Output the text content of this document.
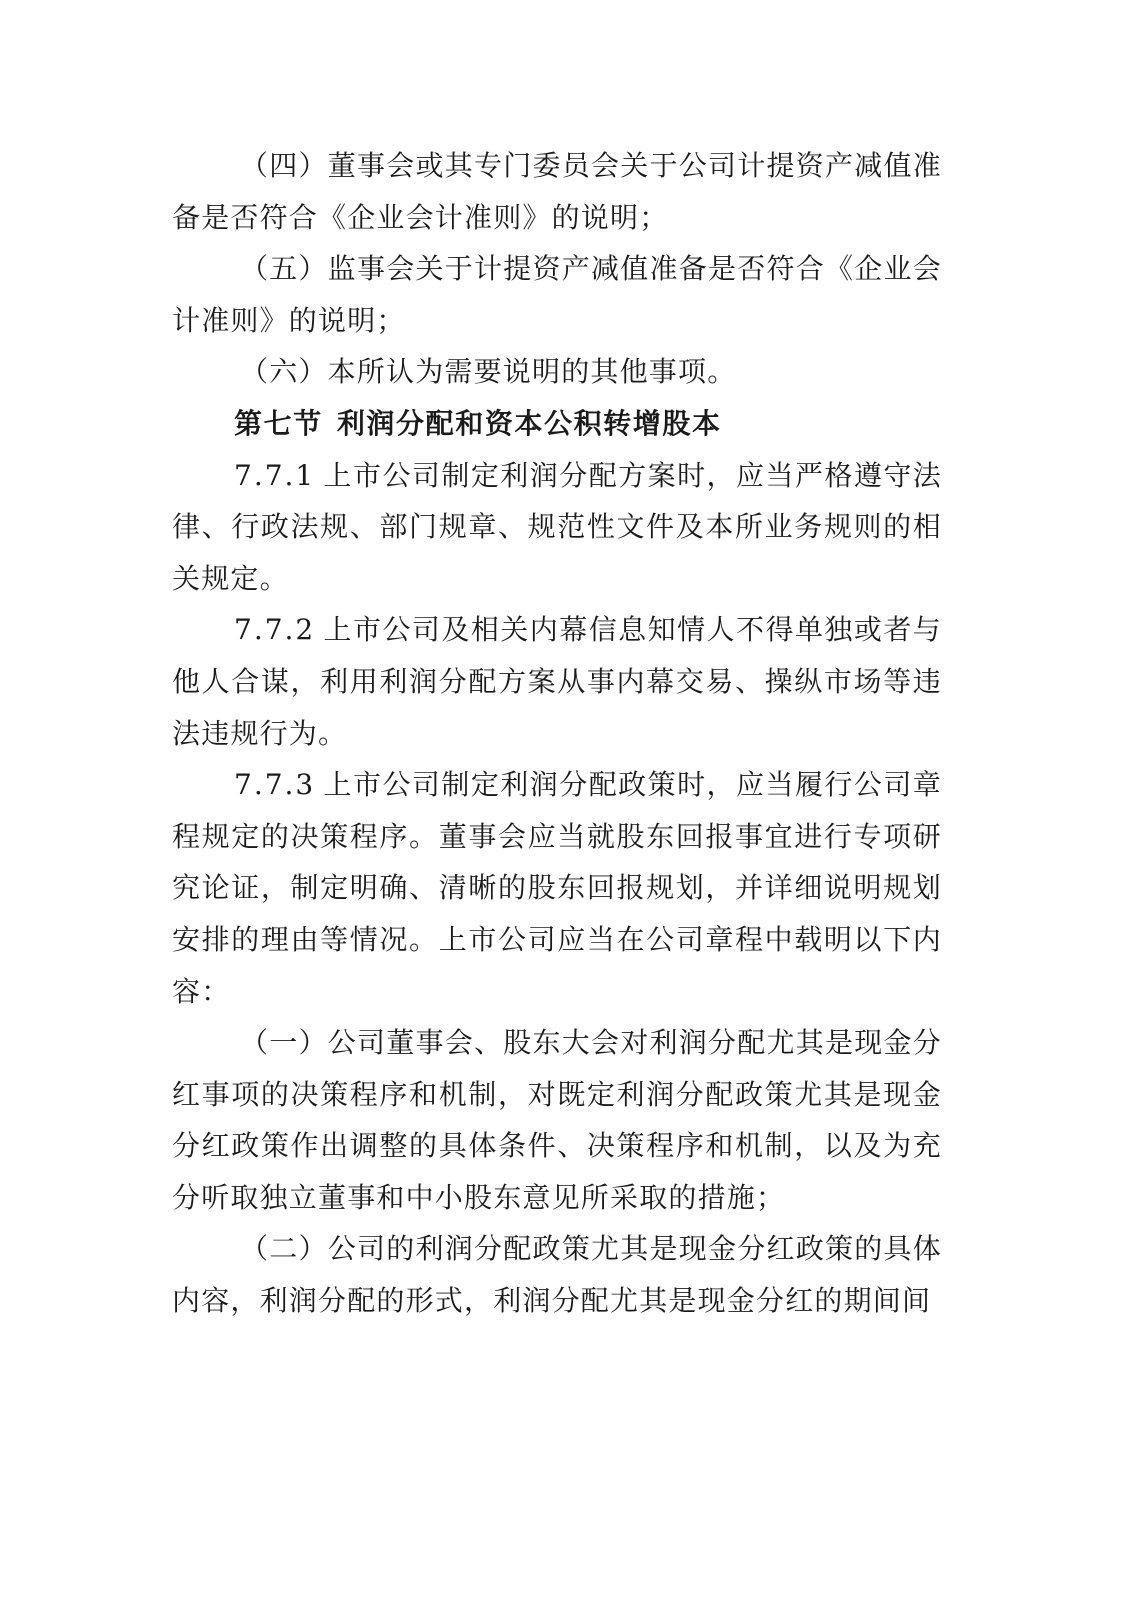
（四）董事会或其专门委员会关于公司计提资产减值准备是否符合《企业会计准则》的说明；

（五）监事会关于计提资产减值准备是否符合《企业会计准则》的说明；

（六）本所认为需要说明的其他事项。

第七节 利润分配和资本公积转增股本

7.7.1 上市公司制定利润分配方案时，应当严格遵守法律、行政法规、部门规章、规范性文件及本所业务规则的相关规定。

7.7.2 上市公司及相关内幕信息知情人不得单独或者与他人合谋，利用利润分配方案从事内幕交易、操纵市场等违法违规行为。

7.7.3 上市公司制定利润分配政策时，应当履行公司章程规定的决策程序。董事会应当就股东回报事宜进行专项研究论证，制定明确、清晰的股东回报规划，并详细说明规划安排的理由等情况。上市公司应当在公司章程中载明以下内容：

（一）公司董事会、股东大会对利润分配尤其是现金分红事项的决策程序和机制，对既定利润分配政策尤其是现金分红政策作出调整的具体条件、决策程序和机制，以及为充分听取独立董事和中小股东意见所采取的措施；

（二）公司的利润分配政策尤其是现金分红政策的具体内容，利润分配的形式，利润分配尤其是现金分红的期间间
